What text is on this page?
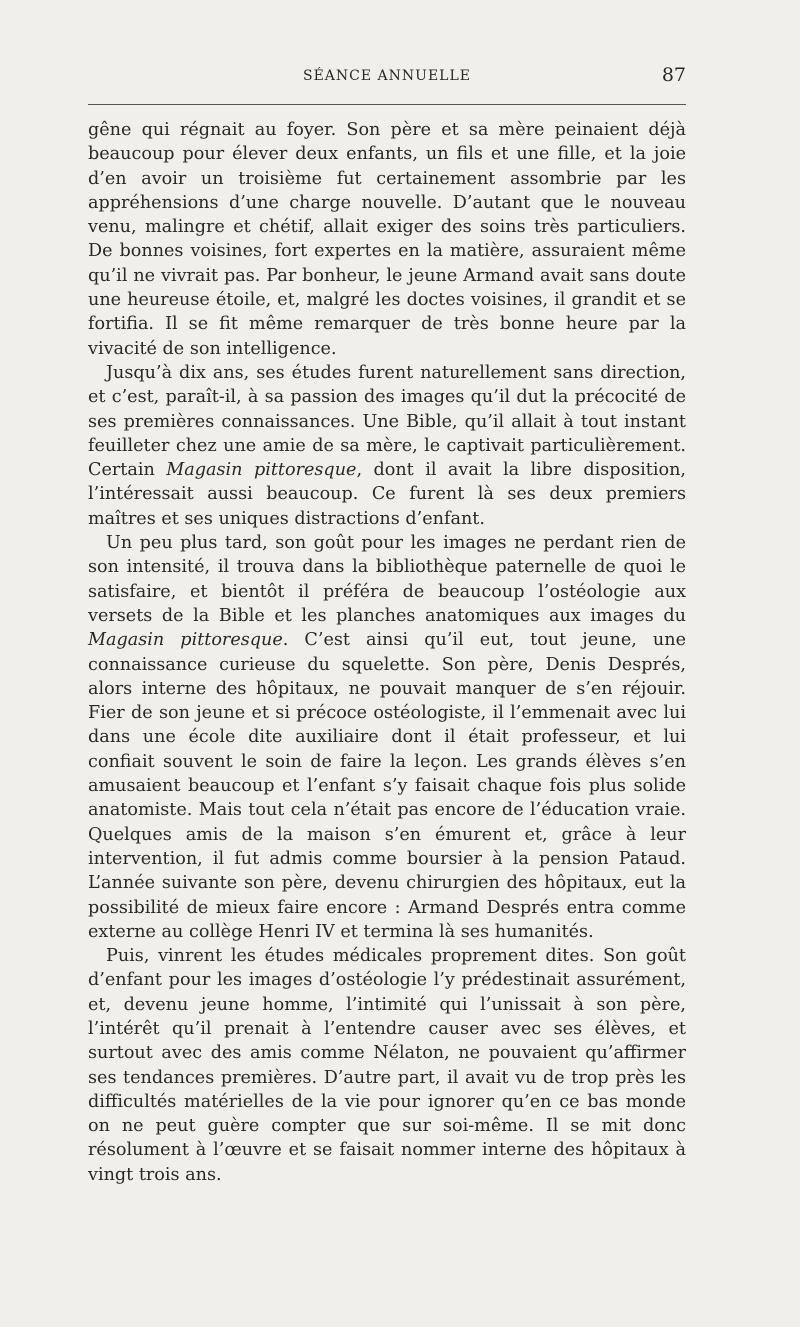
SÉANCE ANNUELLE	87

gêne qui régnait au foyer. Son père et sa mère peinaient déjà beaucoup pour élever deux enfants, un fils et une fille, et la joie d’en avoir un troisième fut certainement assombrie par les appréhensions d’une charge nouvelle. D’autant que le nouveau venu, malingre et chétif, allait exiger des soins très particuliers. De bonnes voisines, fort expertes en la matière, assuraient même qu’il ne vivrait pas. Par bonheur, le jeune Armand avait sans doute une heureuse étoile, et, malgré les doctes voisines, il grandit et se fortifia. Il se fit même remarquer de très bonne heure par la vivacité de son intelligence.

Jusqu’à dix ans, ses études furent naturellement sans direction, et c’est, paraît-il, à sa passion des images qu’il dut la précocité de ses premières connaissances. Une Bible, qu’il allait à tout instant feuilleter chez une amie de sa mère, le captivait particulièrement. Certain Magasin pittoresque, dont il avait la libre disposition, l’intéressait aussi beaucoup. Ce furent là ses deux premiers maîtres et ses uniques distractions d’enfant.

Un peu plus tard, son goût pour les images ne perdant rien de son intensité, il trouva dans la bibliothèque paternelle de quoi le satisfaire, et bientôt il préféra de beaucoup l’ostéologie aux versets de la Bible et les planches anatomiques aux images du Magasin pittoresque. C’est ainsi qu’il eut, tout jeune, une connaissance curieuse du squelette. Son père, Denis Després, alors interne des hôpitaux, ne pouvait manquer de s’en réjouir. Fier de son jeune et si précoce ostéologiste, il l’emmenait avec lui dans une école dite auxiliaire dont il était professeur, et lui confiait souvent le soin de faire la leçon. Les grands élèves s’en amusaient beaucoup et l’enfant s’y faisait chaque fois plus solide anatomiste. Mais tout cela n’était pas encore de l’éducation vraie. Quelques amis de la maison s’en émurent et, grâce à leur intervention, il fut admis comme boursier à la pension Pataud. L’année suivante son père, devenu chirurgien des hôpitaux, eut la possibilité de mieux faire encore : Armand Després entra comme externe au collège Henri IV et termina là ses humanités.

Puis, vinrent les études médicales proprement dites. Son goût d’enfant pour les images d’ostéologie l’y prédestinait assurément, et, devenu jeune homme, l’intimité qui l’unissait à son père, l’intérêt qu’il prenait à l’entendre causer avec ses élèves, et surtout avec des amis comme Nélaton, ne pouvaient qu’affirmer ses tendances premières. D’autre part, il avait vu de trop près les difficultés matérielles de la vie pour ignorer qu’en ce bas monde on ne peut guère compter que sur soi-même. Il se mit donc résolument à l’œuvre et se faisait nommer interne des hôpitaux à vingt trois ans.
